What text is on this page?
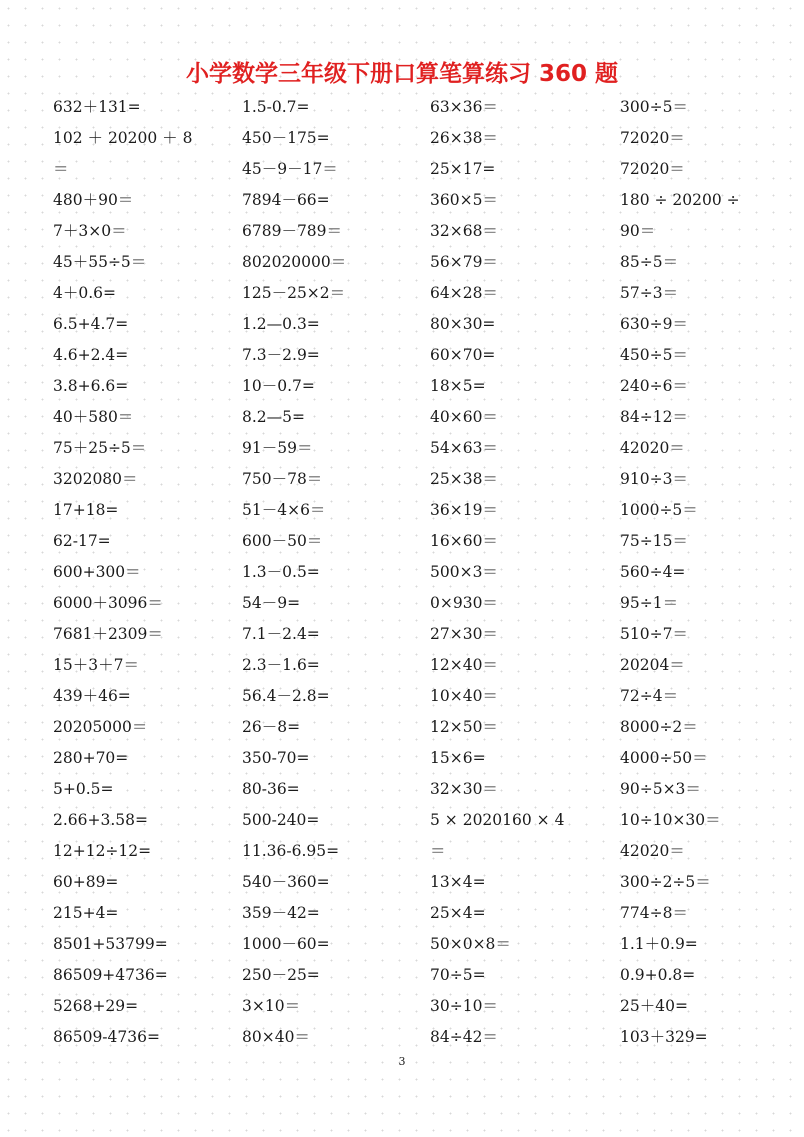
小学数学三年级下册口算笔算练习 360 题
632＋131=
102 ＋ 20200 ＋ 8
＝
480＋90＝
7＋3×0＝
45＋55÷5＝
4＋0.6=
6.5+4.7=
4.6+2.4=
3.8+6.6=
40＋580＝
75＋25÷5＝
3202080＝
17+18=
62-17=
600+300＝
6000＋3096＝
7681＋2309＝
15＋3＋7＝
439＋46=
20205000＝
280+70=
5+0.5=
2.66+3.58=
12+12÷12=
60+89=
215+4=
8501+53799=
86509+4736=
5268+29=
86509-4736=
1.5-0.7=
450－175=
45－9－17＝
7894－66=
6789－789＝
802020000＝
125－25×2＝
1.2—0.3=
7.3－2.9=
10－0.7=
8.2—5=
91－59＝
750－78＝
51－4×6＝
600－50＝
1.3－0.5=
54－9=
7.1－2.4=
2.3－1.6=
56.4－2.8=
26－8=
350-70=
80-36=
500-240=
11.36-6.95=
540－360=
359－42=
1000－60=
250－25=
3×10＝
80×40＝
63×36＝
26×38＝
25×17=
360×5＝
32×68＝
56×79＝
64×28＝
80×30=
60×70=
18×5=
40×60＝
54×63＝
25×38＝
36×19＝
16×60＝
500×3＝
0×930＝
27×30＝
12×40＝
10×40＝
12×50＝
15×6=
32×30＝
5 × 2020160 × 4
＝
13×4=
25×4=
50×0×8＝
70÷5=
30÷10＝
84÷42＝
300÷5＝
72020＝
72020＝
180 ÷ 20200 ÷
90＝
85÷5＝
57÷3＝
630÷9＝
450÷5＝
240÷6＝
84÷12＝
42020＝
910÷3＝
1000÷5＝
75÷15＝
560÷4=
95÷1＝
510÷7＝
20204＝
72÷4＝
8000÷2＝
4000÷50＝
90÷5×3＝
10÷10×30＝
42020＝
300÷2÷5＝
774÷8＝
1.1＋0.9=
0.9+0.8=
25＋40=
103＋329=
3
